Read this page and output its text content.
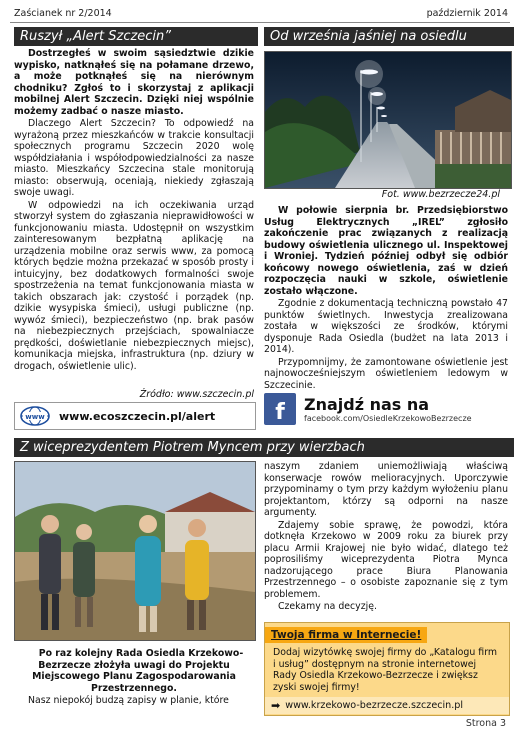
Zaścianek nr 2/2014	październik 2014
Ruszył „Alert Szczecin”

Dostrzegłeś w swoim sąsiedztwie dzikie wypisko, natknąłeś się na połamane drzewo, a może potknąłeś się na nierównym chodniku? Zgłoś to i skorzystaj z aplikacji mobilnej Alert Szczecin. Dzięki niej wspólnie możemy zadbać o nasze miasto.

Dlaczego Alert Szczecin? To odpowiedź na wyrażoną przez mieszkańców w trakcie konsultacji społecznych programu Szczecin 2020 wolę współdziałania i współodpowiedzialności za nasze miasto. Mieszkańcy Szczecina stale monitorują miasto: obserwują, oceniają, niekiedy zgłaszają swoje uwagi.

W odpowiedzi na ich oczekiwania urząd stworzył system do zgłaszania nieprawidłowości w funkcjonowaniu miasta. Udostępnił on wszystkim zainteresowanym bezpłatną aplikację na urządzenia mobilne oraz serwis www, za pomocą których będzie można przekazać w sposób prosty i intuicyjny, bez dodatkowych formalności swoje spostrzeżenia na temat funkcjonowania miasta w takich obszarach jak: czystość i porządek (np. dzikie wysypiska śmieci), usługi publiczne (np. wywóz śmieci), bezpieczeństwo (np. brak pasów na niebezpiecznych przejściach, spowalniacze prędkości, doświetlanie niebezpiecznych miejsc), komunikacja miejska, infrastruktura (np. dziury w drogach, oświetlenie ulic).

Źródło: www.szczecin.pl
www www.ecoszczecin.pl/alert
Od września jaśniej na osiedlu
Fot. www.bezrzecze24.pl

W połowie sierpnia br. Przedsiębiorstwo Usług Elektrycznych „IREL” zgłosiło zakończenie prac związanych z realizacją budowy oświetlenia ulicznego ul. Inspektowej i Wroniej. Tydzień później odbył się odbiór końcowy nowego oświetlenia, zaś w dzień rozpoczęcia nauki w szkole, oświetlenie zostało włączone.

Zgodnie z dokumentacją techniczną powstało 47 punktów świetlnych. Inwestycja zrealizowana została w większości ze środków, którymi dysponuje Rada Osiedla (budżet na lata 2013 i 2014).

Przypomnijmy, że zamontowane oświetlenie jest najnowocześniejszym oświetleniem ledowym w Szczecinie.

f	Znajdź nas na
facebook.com/OsiedleKrzekowoBezrzecze
Z wiceprezydentem Piotrem Myncem przy wierzbach

Po raz kolejny Rada Osiedla Krzekowo-Bezrzecze złożyła uwagi do Projektu Miejscowego Planu Zagospodarowania Przestrzennego.

Nasz niepokój budzą zapisy w planie, które

naszym zdaniem uniemożliwiają właściwą konserwacje rowów melioracyjnych. Uporczywie przypominamy o tym przy każdym wyłożeniu planu projektantom, którzy są odporni na nasze argumenty.

Zdajemy sobie sprawę, że powodzi, która dotknęła Krzekowo w 2009 roku za biurek przy placu Armii Krajowej nie było widać, dlatego też poprosiliśmy wiceprezydenta Piotra Mynca nadzorującego prace Biura Planowania Przestrzennego – o osobiste zapoznanie się z tym problemem.

Czekamy na decyzję.

Twoja firma w Internecie!
Dodaj wizytówkę swojej firmy do „Katalogu firm i usług” dostępnym na stronie internetowej Rady Osiedla Krzekowo-Bezrzecze i zwiększ zyski swojej firmy!
➡ www.krzekowo-bezrzecze.szczecin.pl
Strona 3
